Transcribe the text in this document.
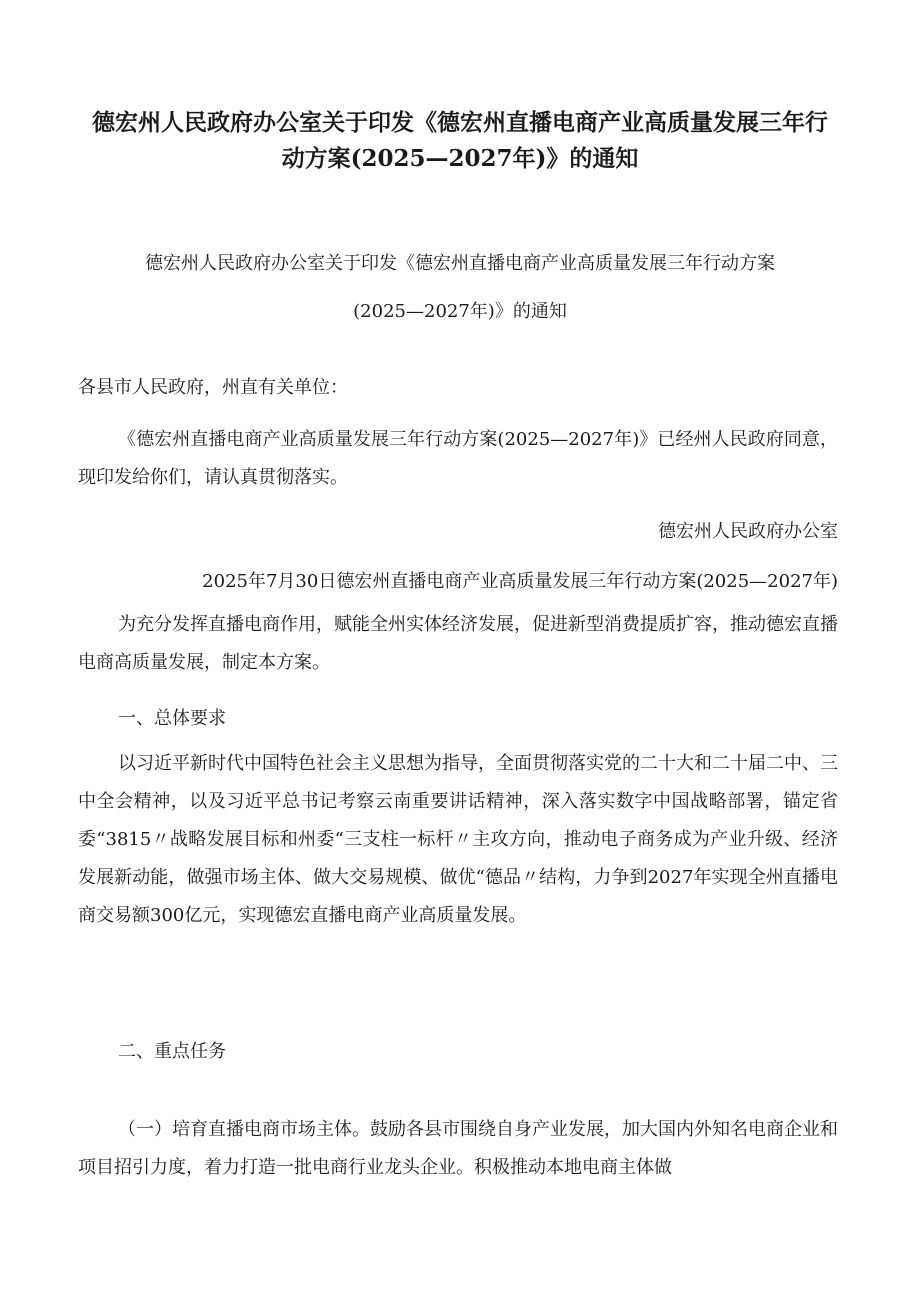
德宏州人民政府办公室关于印发《德宏州直播电商产业高质量发展三年行
动方案(2025—2027年)》的通知
德宏州人民政府办公室关于印发《德宏州直播电商产业高质量发展三年行动方案
(2025—2027年)》的通知
各县市人民政府，州直有关单位：
《德宏州直播电商产业高质量发展三年行动方案(2025—2027年)》已经州人民政府同意，现印发给你们，请认真贯彻落实。
德宏州人民政府办公室
2025年7月30日德宏州直播电商产业高质量发展三年行动方案(2025—2027年)
为充分发挥直播电商作用，赋能全州实体经济发展，促进新型消费提质扩容，推动德宏直播电商高质量发展，制定本方案。
一、总体要求
以习近平新时代中国特色社会主义思想为指导，全面贯彻落实党的二十大和二十届二中、三中全会精神，以及习近平总书记考察云南重要讲话精神，深入落实数字中国战略部署，锚定省委“3815〃战略发展目标和州委“三支柱一标杆〃主攻方向，推动电子商务成为产业升级、经济发展新动能，做强市场主体、做大交易规模、做优“德品〃结构，力争到2027年实现全州直播电商交易额300亿元，实现德宏直播电商产业高质量发展。
二、重点任务
（一）培育直播电商市场主体。鼓励各县市围绕自身产业发展，加大国内外知名电商企业和项目招引力度，着力打造一批电商行业龙头企业。积极推动本地电商主体做
